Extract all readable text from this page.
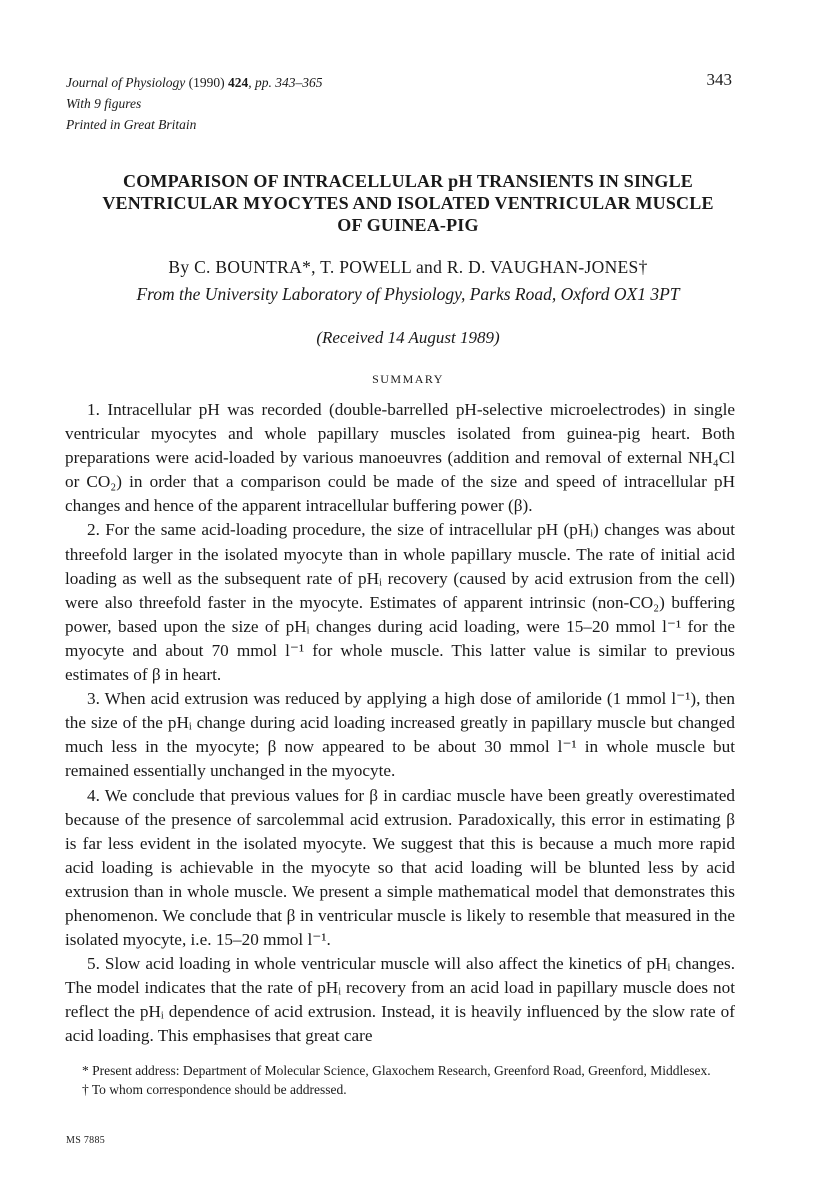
Journal of Physiology (1990) 424, pp. 343–365
With 9 figures
Printed in Great Britain
343
COMPARISON OF INTRACELLULAR pH TRANSIENTS IN SINGLE
VENTRICULAR MYOCYTES AND ISOLATED VENTRICULAR MUSCLE
OF GUINEA-PIG
By C. BOUNTRA*, T. POWELL and R. D. VAUGHAN-JONES†
From the University Laboratory of Physiology, Parks Road, Oxford OX1 3PT
(Received 14 August 1989)
SUMMARY

1. Intracellular pH was recorded (double-barrelled pH-selective microelectrodes) in single ventricular myocytes and whole papillary muscles isolated from guinea-pig heart. Both preparations were acid-loaded by various manoeuvres (addition and removal of external NH₄Cl or CO₂) in order that a comparison could be made of the size and speed of intracellular pH changes and hence of the apparent intracellular buffering power (β).

2. For the same acid-loading procedure, the size of intracellular pH (pHᵢ) changes was about threefold larger in the isolated myocyte than in whole papillary muscle. The rate of initial acid loading as well as the subsequent rate of pHᵢ recovery (caused by acid extrusion from the cell) were also threefold faster in the myocyte. Estimates of apparent intrinsic (non-CO₂) buffering power, based upon the size of pHᵢ changes during acid loading, were 15–20 mmol l⁻¹ for the myocyte and about 70 mmol l⁻¹ for whole muscle. This latter value is similar to previous estimates of β in heart.

3. When acid extrusion was reduced by applying a high dose of amiloride (1 mmol l⁻¹), then the size of the pHᵢ change during acid loading increased greatly in papillary muscle but changed much less in the myocyte; β now appeared to be about 30 mmol l⁻¹ in whole muscle but remained essentially unchanged in the myocyte.

4. We conclude that previous values for β in cardiac muscle have been greatly overestimated because of the presence of sarcolemmal acid extrusion. Paradoxically, this error in estimating β is far less evident in the isolated myocyte. We suggest that this is because a much more rapid acid loading is achievable in the myocyte so that acid loading will be blunted less by acid extrusion than in whole muscle. We present a simple mathematical model that demonstrates this phenomenon. We conclude that β in ventricular muscle is likely to resemble that measured in the isolated myocyte, i.e. 15–20 mmol l⁻¹.

5. Slow acid loading in whole ventricular muscle will also affect the kinetics of pHᵢ changes. The model indicates that the rate of pHᵢ recovery from an acid load in papillary muscle does not reflect the pHᵢ dependence of acid extrusion. Instead, it is heavily influenced by the slow rate of acid loading. This emphasises that great care

* Present address: Department of Molecular Science, Glaxochem Research, Greenford Road, Greenford, Middlesex.

† To whom correspondence should be addressed.

MS 7885
